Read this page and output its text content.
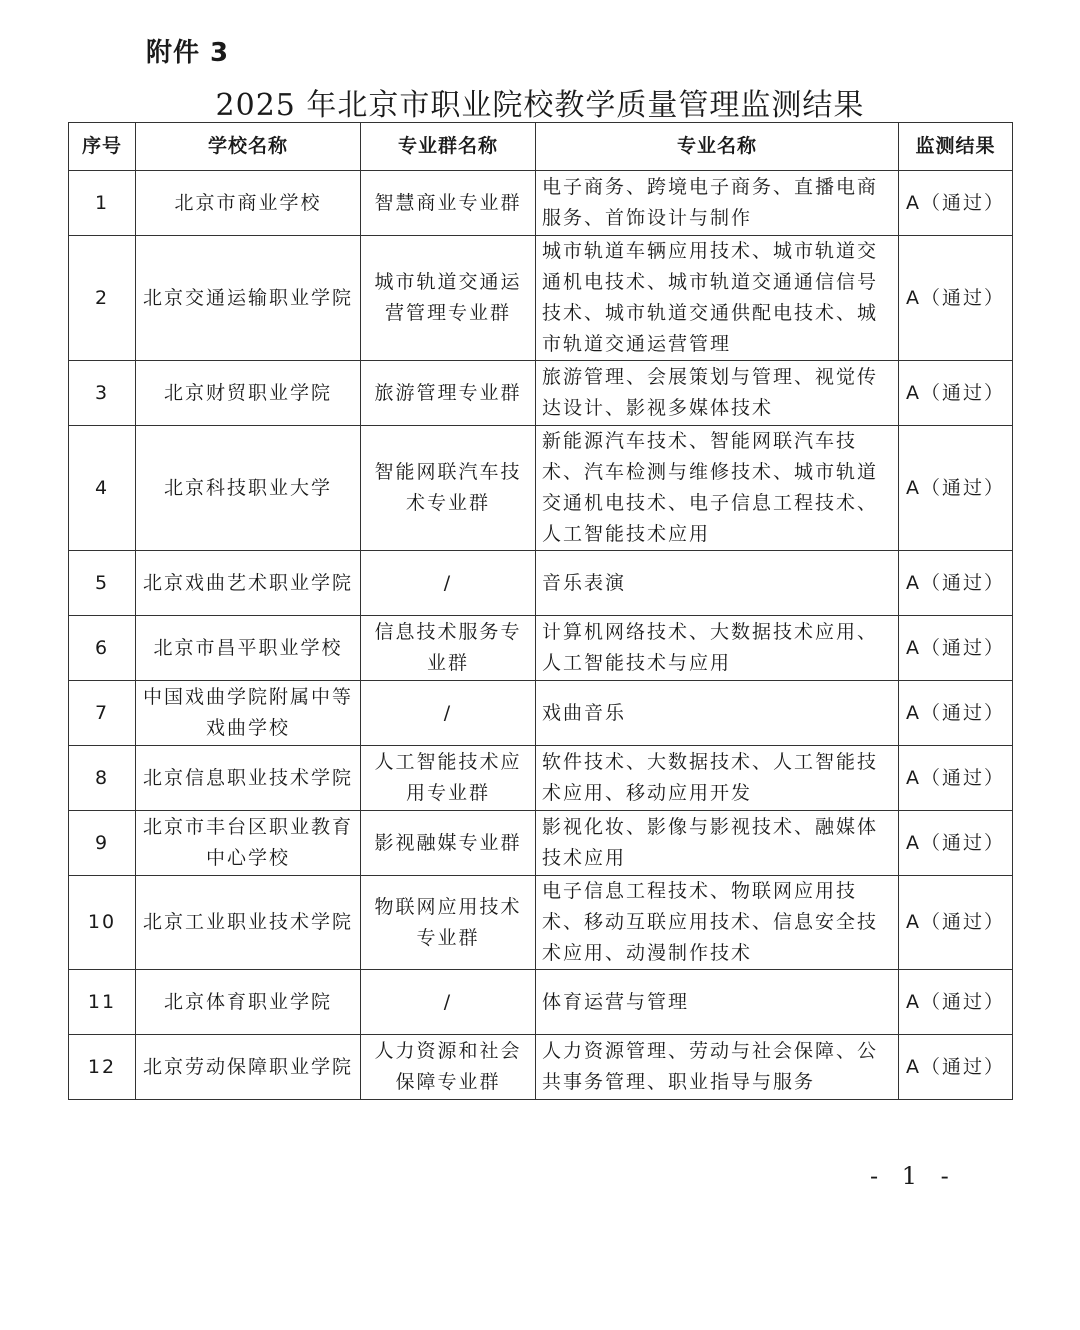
附件 3
2025 年北京市职业院校教学质量管理监测结果
序号	学校名称	专业群名称	专业名称	监测结果
1	北京市商业学校	智慧商业专业群	电子商务、跨境电子商务、直播电商服务、首饰设计与制作	A（通过）
2	北京交通运输职业学院	城市轨道交通运营管理专业群	城市轨道车辆应用技术、城市轨道交通机电技术、城市轨道交通通信信号技术、城市轨道交通供配电技术、城市轨道交通运营管理	A（通过）
3	北京财贸职业学院	旅游管理专业群	旅游管理、会展策划与管理、视觉传达设计、影视多媒体技术	A（通过）
4	北京科技职业大学	智能网联汽车技术专业群	新能源汽车技术、智能网联汽车技术、汽车检测与维修技术、城市轨道交通机电技术、电子信息工程技术、人工智能技术应用	A（通过）
5	北京戏曲艺术职业学院	/	音乐表演	A（通过）
6	北京市昌平职业学校	信息技术服务专业群	计算机网络技术、大数据技术应用、人工智能技术与应用	A（通过）
7	中国戏曲学院附属中等戏曲学校	/	戏曲音乐	A（通过）
8	北京信息职业技术学院	人工智能技术应用专业群	软件技术、大数据技术、人工智能技术应用、移动应用开发	A（通过）
9	北京市丰台区职业教育中心学校	影视融媒专业群	影视化妆、影像与影视技术、融媒体技术应用	A（通过）
10	北京工业职业技术学院	物联网应用技术专业群	电子信息工程技术、物联网应用技术、移动互联应用技术、信息安全技术应用、动漫制作技术	A（通过）
11	北京体育职业学院	/	体育运营与管理	A（通过）
12	北京劳动保障职业学院	人力资源和社会保障专业群	人力资源管理、劳动与社会保障、公共事务管理、职业指导与服务	A（通过）
- 1 -
